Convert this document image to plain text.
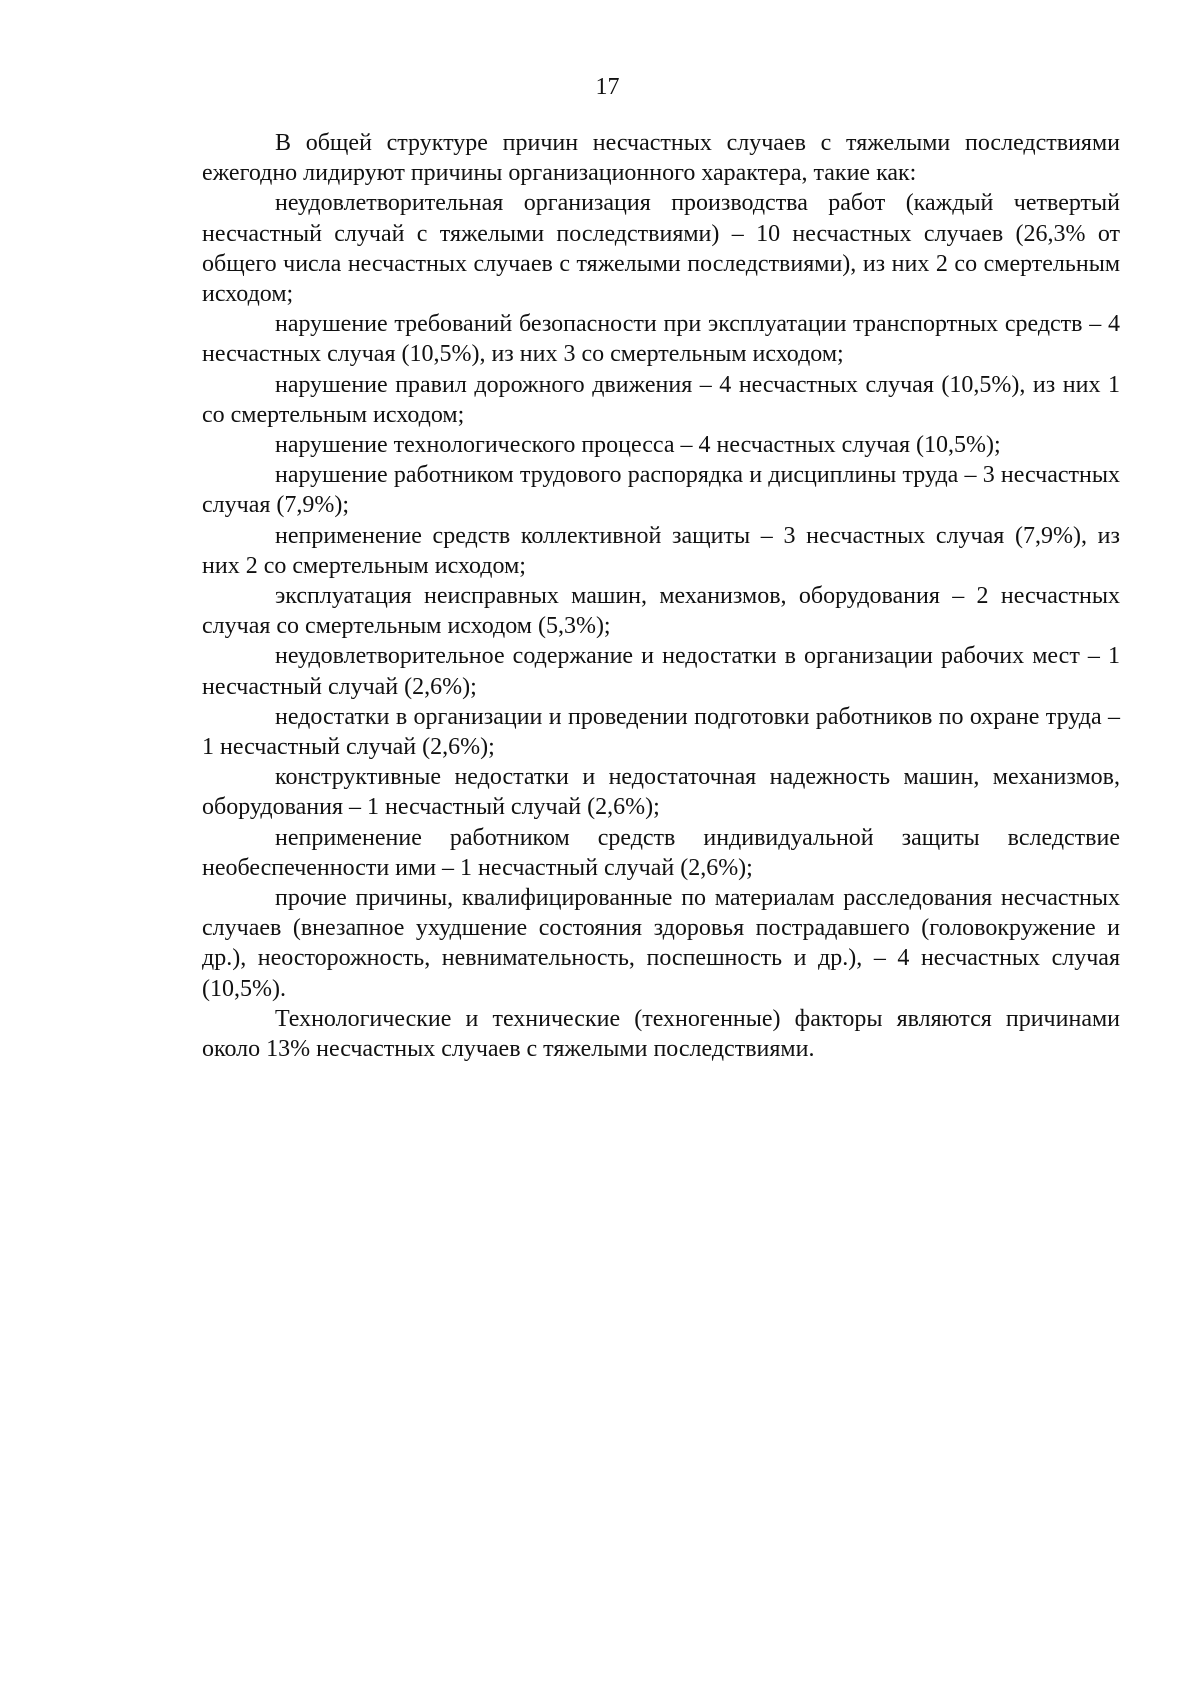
17

В общей структуре причин несчастных случаев с тяжелыми последствиями ежегодно лидируют причины организационного характера, такие как:

неудовлетворительная организация производства работ (каждый четвертый несчастный случай с тяжелыми последствиями) – 10 несчастных случаев (26,3% от общего числа несчастных случаев с тяжелыми последствиями), из них 2 со смертельным исходом;

нарушение требований безопасности при эксплуатации транспортных средств – 4 несчастных случая (10,5%), из них 3 со смертельным исходом;

нарушение правил дорожного движения – 4 несчастных случая (10,5%), из них 1 со смертельным исходом;

нарушение технологического процесса – 4 несчастных случая (10,5%);

нарушение работником трудового распорядка и дисциплины труда – 3 несчастных случая (7,9%);

неприменение средств коллективной защиты – 3 несчастных случая (7,9%), из них 2 со смертельным исходом;

эксплуатация неисправных машин, механизмов, оборудования – 2 несчастных случая со смертельным исходом (5,3%);

неудовлетворительное содержание и недостатки в организации рабочих мест – 1 несчастный случай (2,6%);

недостатки в организации и проведении подготовки работников по охране труда – 1 несчастный случай (2,6%);

конструктивные недостатки и недостаточная надежность машин, механизмов, оборудования – 1 несчастный случай (2,6%);

неприменение работником средств индивидуальной защиты вследствие необеспеченности ими – 1 несчастный случай (2,6%);

прочие причины, квалифицированные по материалам расследования несчастных случаев (внезапное ухудшение состояния здоровья пострадавшего (головокружение и др.), неосторожность, невнимательность, поспешность и др.), – 4 несчастных случая (10,5%).

Технологические и технические (техногенные) факторы являются причинами около 13% несчастных случаев с тяжелыми последствиями.
